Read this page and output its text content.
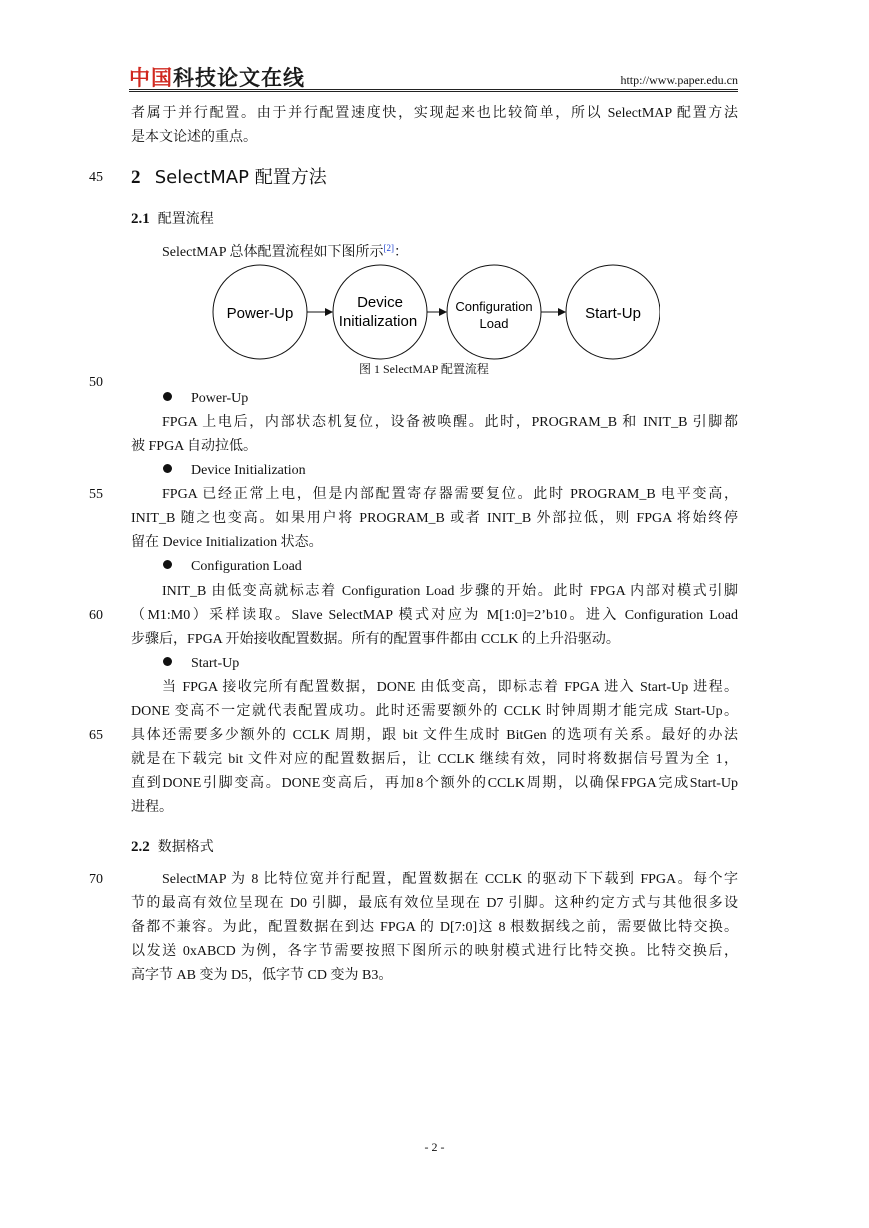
中国科技论文在线	http://www.paper.edu.cn
者属于并行配置。由于并行配置速度快，实现起来也比较简单，所以 SelectMAP 配置方法
是本文论述的重点。
45
50
55
60
65
70
2 SelectMAP 配置方法
2.1 配置流程
SelectMAP 总体配置流程如下图所示[2]：
Power-Up
Device
Initialization
Configuration
Load
Start-Up
图 1 SelectMAP 配置流程
Power-Up
FPGA 上电后，内部状态机复位，设备被唤醒。此时，PROGRAM_B 和 INIT_B 引脚都
被 FPGA 自动拉低。
Device Initialization
FPGA 已经正常上电，但是内部配置寄存器需要复位。此时 PROGRAM_B 电平变高，
INIT_B 随之也变高。如果用户将 PROGRAM_B 或者 INIT_B 外部拉低，则 FPGA 将始终停
留在 Device Initialization 状态。
Configuration Load
INIT_B 由低变高就标志着 Configuration Load 步骤的开始。此时 FPGA 内部对模式引脚
（M1:M0）采样读取。Slave SelectMAP 模式对应为 M[1:0]=2’b10。进入 Configuration Load
步骤后，FPGA 开始接收配置数据。所有的配置事件都由 CCLK 的上升沿驱动。
Start-Up
当 FPGA 接收完所有配置数据，DONE 由低变高，即标志着 FPGA 进入 Start-Up 进程。
DONE 变高不一定就代表配置成功。此时还需要额外的 CCLK 时钟周期才能完成 Start-Up。
具体还需要多少额外的 CCLK 周期，跟 bit 文件生成时 BitGen 的选项有关系。最好的办法
就是在下载完 bit 文件对应的配置数据后，让 CCLK 继续有效，同时将数据信号置为全 1，
直到DONE引脚变高。DONE变高后，再加8个额外的CCLK周期，以确保FPGA完成Start-Up
进程。
2.2 数据格式
SelectMAP 为 8 比特位宽并行配置，配置数据在 CCLK 的驱动下下载到 FPGA。每个字
节的最高有效位呈现在 D0 引脚，最底有效位呈现在 D7 引脚。这种约定方式与其他很多设
备都不兼容。为此，配置数据在到达 FPGA 的 D[7:0]这 8 根数据线之前，需要做比特交换。
以发送 0xABCD 为例，各字节需要按照下图所示的映射模式进行比特交换。比特交换后，
高字节 AB 变为 D5，低字节 CD 变为 B3。
- 2 -
